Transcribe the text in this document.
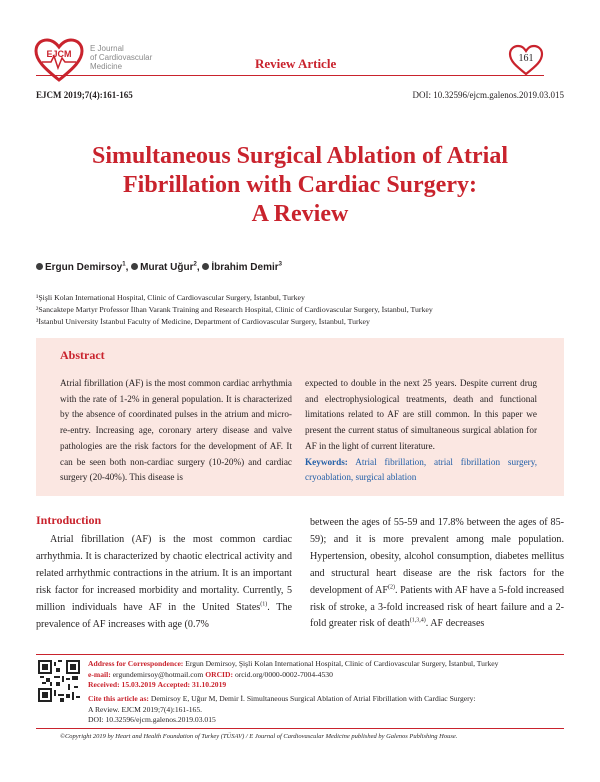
EJCM
E Journal
of Cardiovascular
Medicine	Review Article	161
EJCM 2019;7(4):161-165	DOI: 10.32596/ejcm.galenos.2019.03.015
Simultaneous Surgical Ablation of Atrial
Fibrillation with Cardiac Surgery:
A Review
Ergun Demirsoy$^1$, Murat Uğur$^2$, İbrahim Demir$^3$
¹Şişli Kolan International Hospital, Clinic of Cardiovascular Surgery, İstanbul, Turkey
²Sancaktepe Martyr Professor İlhan Varank Training and Research Hospital, Clinic of Cardiovascular Surgery, İstanbul, Turkey
³İstanbul University İstanbul Faculty of Medicine, Department of Cardiovascular Surgery, İstanbul, Turkey
Abstract
Atrial fibrillation (AF) is the most common cardiac arrhythmia with the rate of 1-2% in general population. It is characterized by the absence of coordinated pulses in the atrium and micro-re-entry. Increasing age, coronary artery disease and valve pathologies are the risk factors for the development of AF. It can be seen both non-cardiac surgery (10-20%) and cardiac surgery (20-40%). This disease is
expected to double in the next 25 years. Despite current drug and electrophysiological treatments, death and functional limitations related to AF are still common. In this paper we present the current status of simultaneous surgical ablation for AF in the light of current literature.
Keywords: Atrial fibrillation, atrial fibrillation surgery, cryoablation, surgical ablation
Introduction
Atrial fibrillation (AF) is the most common cardiac arrhythmia. It is characterized by chaotic electrical activity and related arrhythmic contractions in the atrium. It is an important risk factor for increased morbidity and mortality. Currently, 5 million individuals have AF in the United States$^{(1)}$. The prevalence of AF increases with age (0.7%
between the ages of 55-59 and 17.8% between the ages of 85-59); and it is more prevalent among male population. Hypertension, obesity, alcohol consumption, diabetes mellitus and structural heart disease are the risk factors for the development of AF$^{(2)}$. Patients with AF have a 5-fold increased risk of stroke, a 3-fold increased risk of heart failure and a 2-fold greater risk of death$^{(1,3,4)}$. AF decreases
Address for Correspondence: Ergun Demirsoy, Şişli Kolan International Hospital, Clinic of Cardiovascular Surgery, İstanbul, Turkey
e-mail: ergundemirsoy@hotmail.com ORCID: orcid.org/0000-0002-7004-4530
Received: 15.03.2019 Accepted: 31.10.2019
Cite this article as: Demirsoy E, Uğur M, Demir İ. Simultaneous Surgical Ablation of Atrial Fibrillation with Cardiac Surgery:
A Review. EJCM 2019;7(4):161-165.
DOI: 10.32596/ejcm.galenos.2019.03.015
©Copyright 2019 by Heart and Health Foundation of Turkey (TÜSAV) / E Journal of Cardiovascular Medicine published by Galenos Publishing House.
